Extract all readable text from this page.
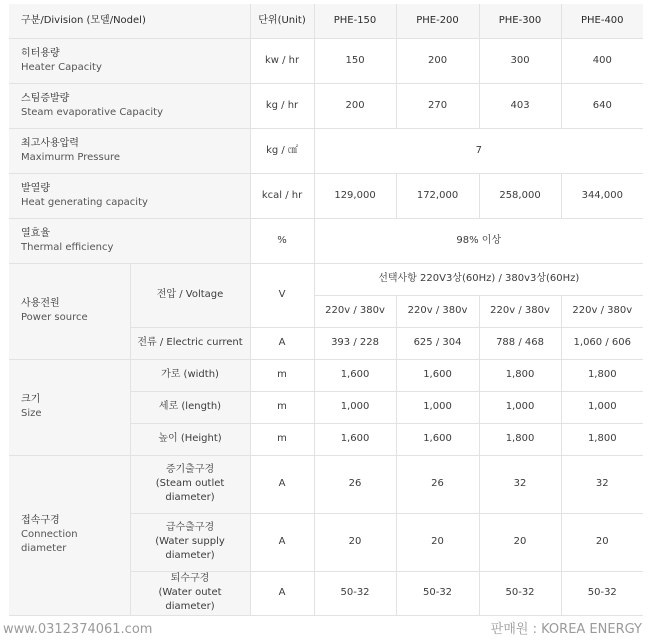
구분/Division (모델/Nodel)		단위(Unit)	PHE-150	PHE-200	PHE-300	PHE-400

히터용량
Heater Capacity		kw / hr	150	200	300	400

스팀증발량
Steam evaporative Capacity		kg / hr	200	270	403	640

최고사용압력
Maximurm Pressure		kg / ㎠	7			

발열량
Heat generating capacity		kcal / hr	129,000	172,000	258,000	344,000

열효율
Thermal efficiency		%	98% 이상			

사용전원
Power source	전압 / Voltage	V	선택사항 220V3상(60Hz) / 380v3상(60Hz)			
			220v / 380v	220v / 380v	220v / 380v	220v / 380v
	전류 / Electric current	A	393 / 228	625 / 304	788 / 468	1,060 / 606

크기
Size	가로 (width)	m	1,600	1,600	1,800	1,800
	세로 (length)	m	1,000	1,000	1,000	1,000
	높이 (Height)	m	1,600	1,600	1,800	1,800

접속구경
Connection
diameter	증기출구경
(Steam outlet
diameter)	A	26	26	32	32

	급수출구경
(Water supply
diameter)	A	20	20	20	20

	퇴수구경
(Water outet diameter)	A	50-32	50-32	50-32	50-32
www.0312374061.com	판매원 : KOREA ENERGY
